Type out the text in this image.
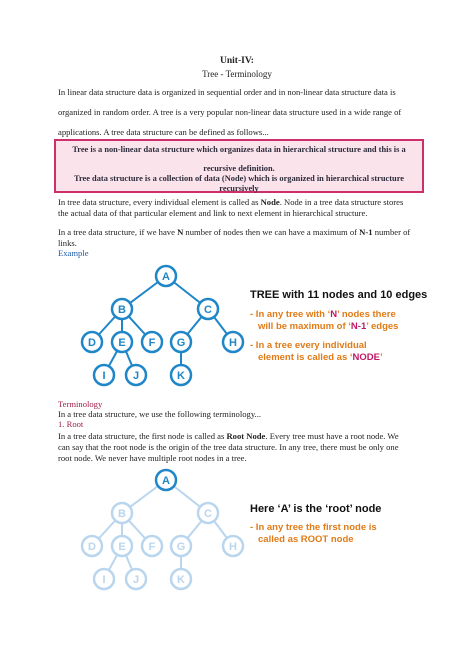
Unit-IV:
Tree - Terminology
In linear data structure data is organized in sequential order and in non-linear data structure data is
organized in random order. A tree is a very popular non-linear data structure used in a wide range of
applications. A tree data structure can be defined as follows...
Tree is a non-linear data structure which organizes data in hierarchical structure and this is a
recursive definition.
Tree data structure is a collection of data (Node) which is organized in hierarchical structure
recursively
In tree data structure, every individual element is called as Node. Node in a tree data structure stores
the actual data of that particular element and link to next element in hierarchical structure.
In a tree data structure, if we have N number of nodes then we can have a maximum of N-1 number of
links.
Example
A
B	C
D E F G	H
I J	K
TREE with 11 nodes and 10 edges
- In any tree with ‘N’ nodes there
will be maximum of ‘N-1’ edges
- In a tree every individual
element is called as ‘NODE’
Terminology
In a tree data structure, we use the following terminology...
1. Root
In a tree data structure, the first node is called as Root Node. Every tree must have a root node. We
can say that the root node is the origin of the tree data structure. In any tree, there must be only one
root node. We never have multiple root nodes in a tree.
A
B	C
D E F G	H
I J	K
Here ‘A’ is the ‘root’ node
- In any tree the first node is
called as ROOT node
